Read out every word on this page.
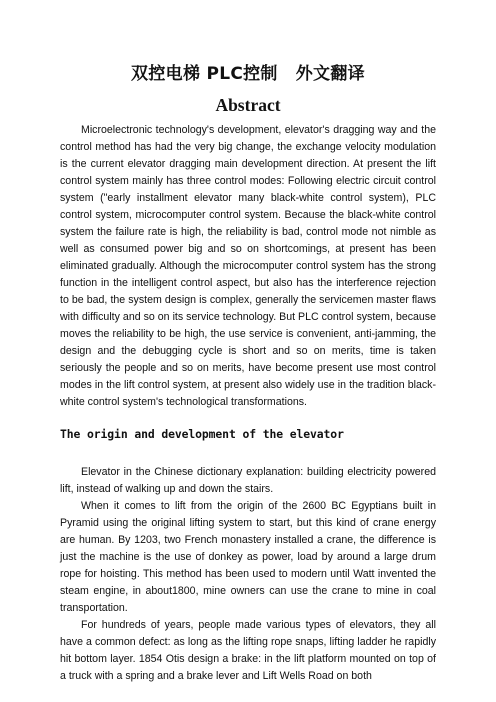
双控电梯 PLC控制 外文翻译
Abstract

Microelectronic technology's development, elevator's dragging way and the control method has had the very big change, the exchange velocity modulation is the current elevator dragging main development direction. At present the lift control system mainly has three control modes: Following electric circuit control system ("early installment elevator many black-white control system), PLC control system, microcomputer control system. Because the black-white control system the failure rate is high, the reliability is bad, control mode not nimble as well as consumed power big and so on shortcomings, at present has been eliminated gradually. Although the microcomputer control system has the strong function in the intelligent control aspect, but also has the interference rejection to be bad, the system design is complex, generally the servicemen master flaws with difficulty and so on its service technology. But PLC control system, because moves the reliability to be high, the use service is convenient, anti-jamming, the design and the debugging cycle is short and so on merits, time is taken seriously the people and so on merits, have become present use most control modes in the lift control system, at present also widely use in the tradition black-white control system's technological transformations.

The origin and development of the elevator

Elevator in the Chinese dictionary explanation: building electricity powered lift, instead of walking up and down the stairs.

When it comes to lift from the origin of the 2600 BC Egyptians built in Pyramid using the original lifting system to start, but this kind of crane energy are human. By 1203, two French monastery installed a crane, the difference is just the machine is the use of donkey as power, load by around a large drum rope for hoisting. This method has been used to modern until Watt invented the steam engine, in about1800, mine owners can use the crane to mine in coal transportation.

For hundreds of years, people made various types of elevators, they all have a common defect: as long as the lifting rope snaps, lifting ladder he rapidly hit bottom layer. 1854 Otis design a brake: in the lift platform mounted on top of a truck with a spring and a brake lever and Lift Wells Road on both
